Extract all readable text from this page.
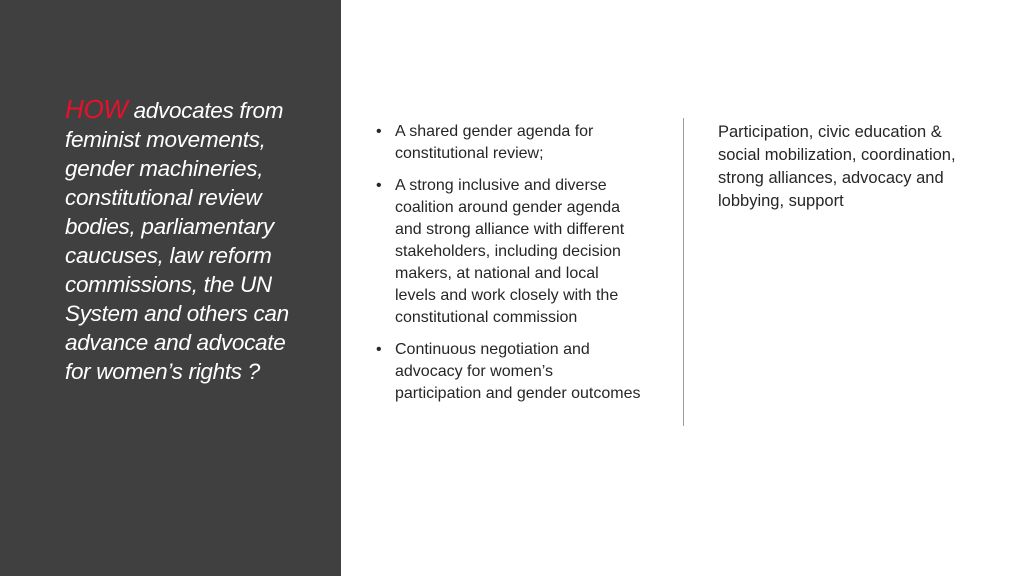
HOW advocates from feminist movements, gender machineries, constitutional review bodies, parliamentary caucuses, law reform commissions, the UN System and others can advance and advocate for women’s rights ?
• A shared gender agenda for constitutional review;
• A strong inclusive and diverse coalition around gender agenda and strong alliance with different stakeholders, including decision makers, at national and local levels and work closely with the constitutional commission
• Continuous negotiation and advocacy for women’s participation and gender outcomes

Participation, civic education & social mobilization, coordination, strong alliances, advocacy and lobbying, support
